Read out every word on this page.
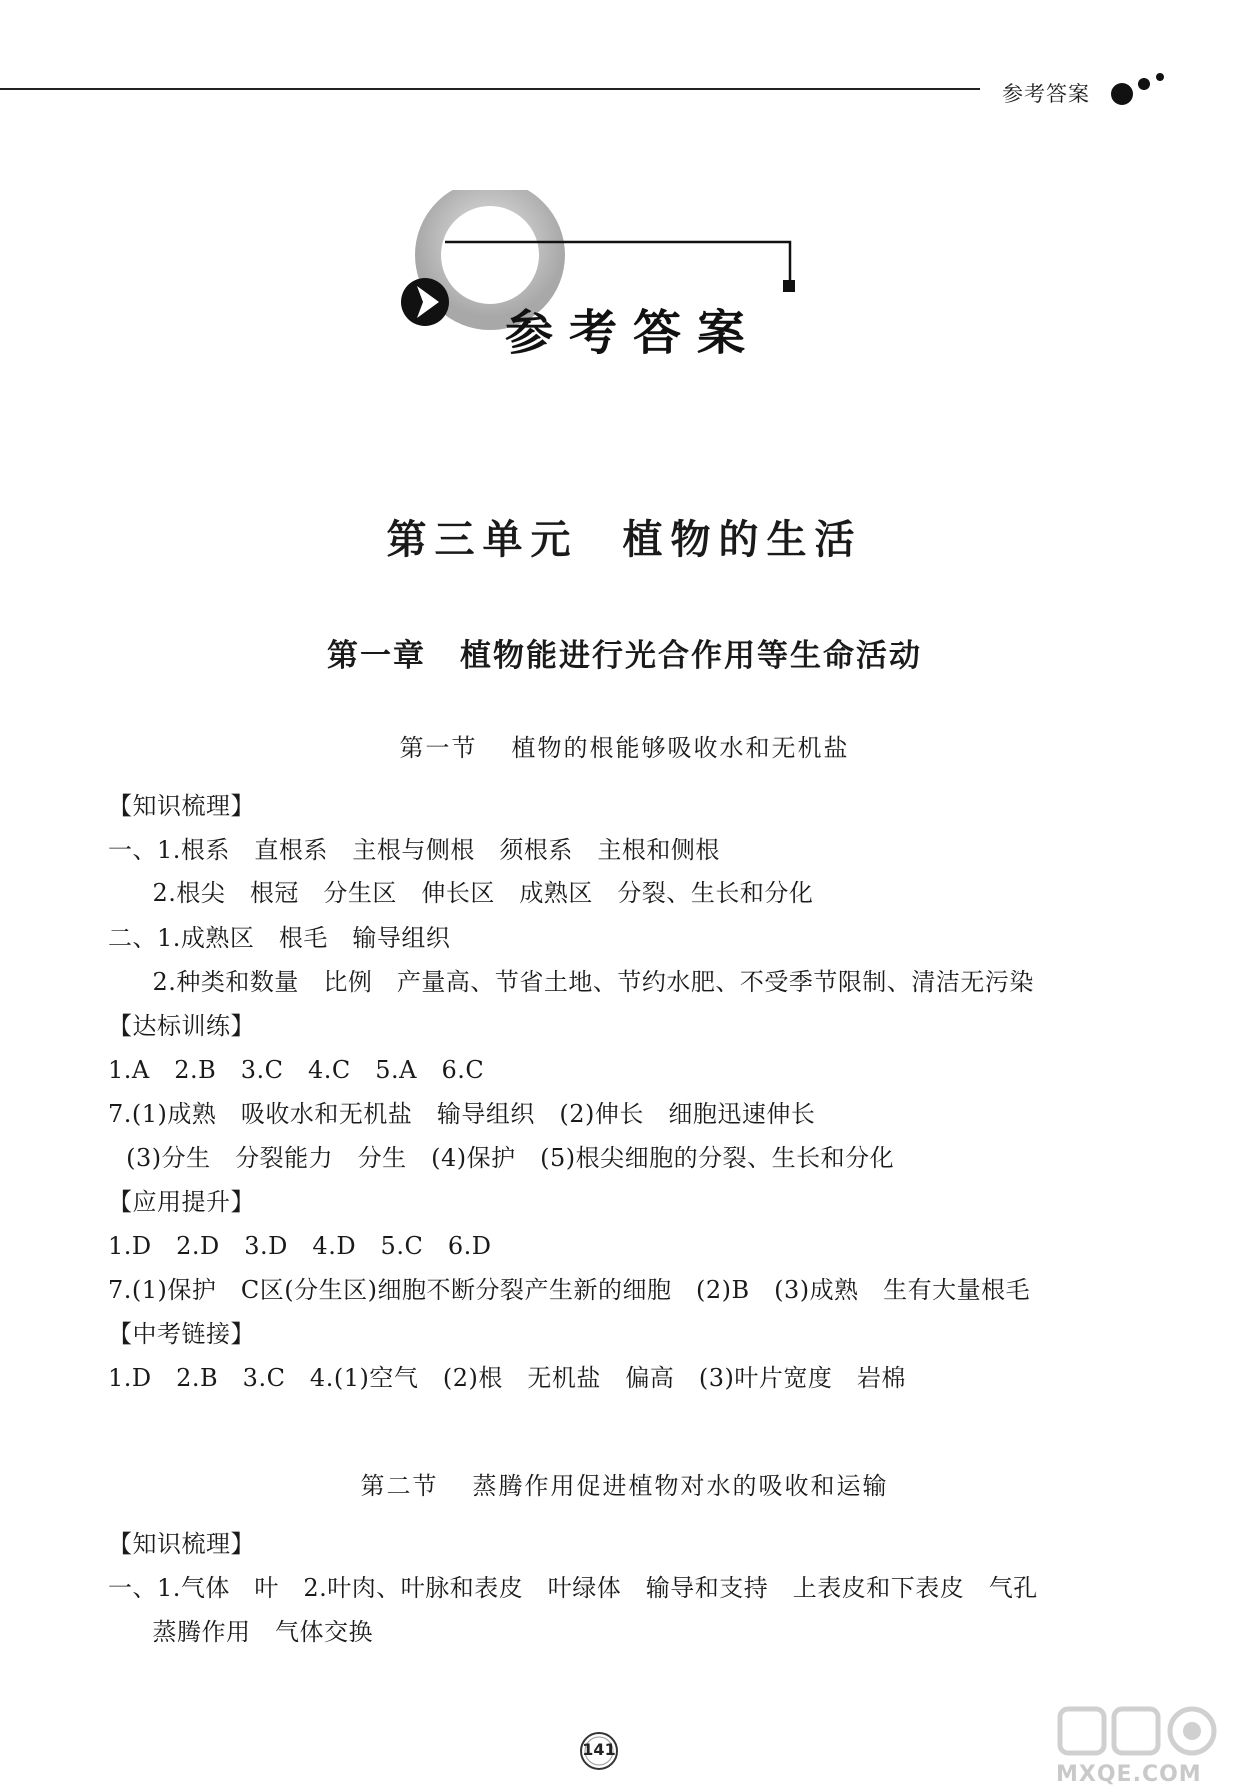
参考答案
参考答案
第三单元 植物的生活
第一章 植物能进行光合作用等生命活动
第一节 植物的根能够吸收水和无机盐
【知识梳理】
一、1.根系　直根系　主根与侧根　须根系　主根和侧根
　2.根尖　根冠　分生区　伸长区　成熟区　分裂、生长和分化
二、1.成熟区　根毛　输导组织
　2.种类和数量　比例　产量高、节省土地、节约水肥、不受季节限制、清洁无污染
【达标训练】
1.A　2.B　3.C　4.C　5.A　6.C
7.(1)成熟　吸收水和无机盐　输导组织　(2)伸长　细胞迅速伸长
(3)分生　分裂能力　分生　(4)保护　(5)根尖细胞的分裂、生长和分化
【应用提升】
1.D　2.D　3.D　4.D　5.C　6.D
7.(1)保护　C区(分生区)细胞不断分裂产生新的细胞　(2)B　(3)成熟　生有大量根毛
【中考链接】
1.D　2.B　3.C　4.(1)空气　(2)根　无机盐　偏高　(3)叶片宽度　岩棉
第二节 蒸腾作用促进植物对水的吸收和运输
【知识梳理】
一、1.气体　叶　2.叶肉、叶脉和表皮　叶绿体　输导和支持　上表皮和下表皮　气孔
　蒸腾作用　气体交换
141
MXQE.COM
